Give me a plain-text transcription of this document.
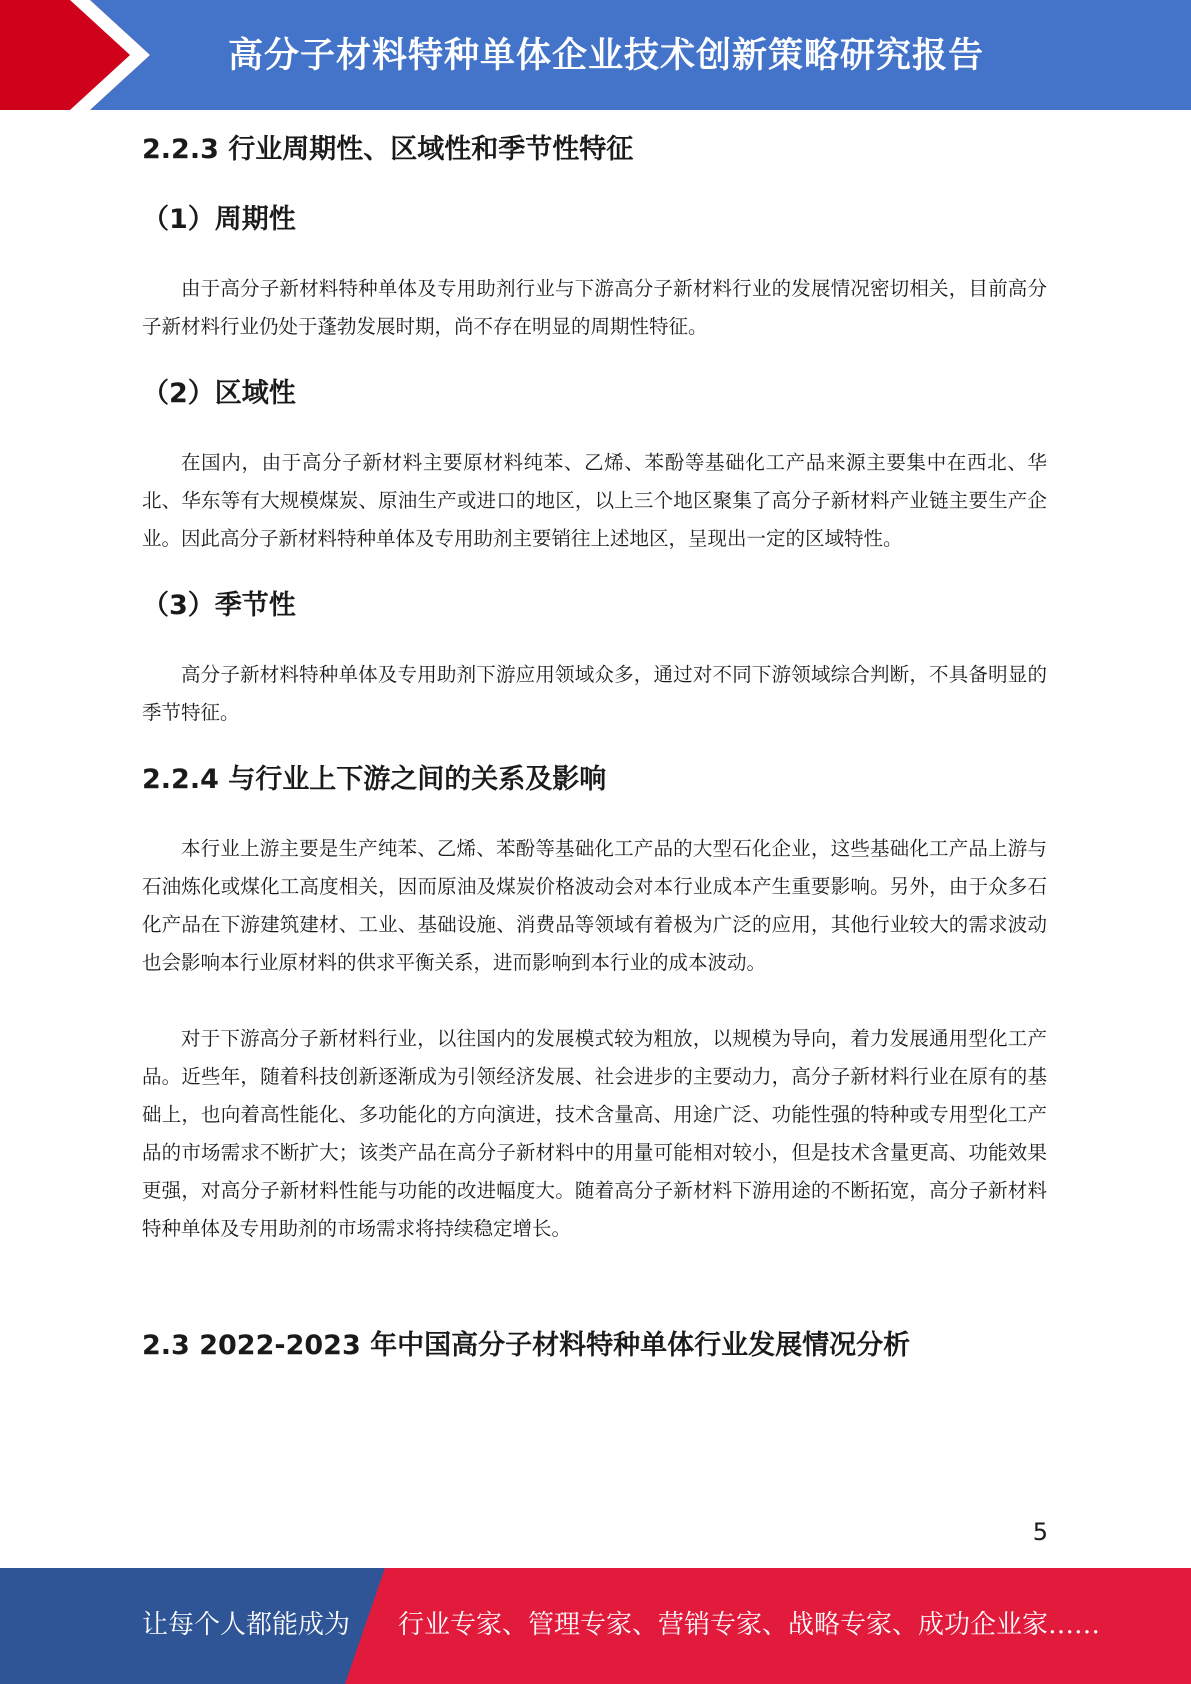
高分子材料特种单体企业技术创新策略研究报告
2.2.3 行业周期性、区域性和季节性特征
（1）周期性

由于高分子新材料特种单体及专用助剂行业与下游高分子新材料行业的发展情况密切相关，目前高分子新材料行业仍处于蓬勃发展时期，尚不存在明显的周期性特征。

（2）区域性

在国内，由于高分子新材料主要原材料纯苯、乙烯、苯酚等基础化工产品来源主要集中在西北、华北、华东等有大规模煤炭、原油生产或进口的地区，以上三个地区聚集了高分子新材料产业链主要生产企业。因此高分子新材料特种单体及专用助剂主要销往上述地区，呈现出一定的区域特性。

（3）季节性

高分子新材料特种单体及专用助剂下游应用领域众多，通过对不同下游领域综合判断，不具备明显的季节特征。

2.2.4 与行业上下游之间的关系及影响

本行业上游主要是生产纯苯、乙烯、苯酚等基础化工产品的大型石化企业，这些基础化工产品上游与石油炼化或煤化工高度相关，因而原油及煤炭价格波动会对本行业成本产生重要影响。另外，由于众多石化产品在下游建筑建材、工业、基础设施、消费品等领域有着极为广泛的应用，其他行业较大的需求波动也会影响本行业原材料的供求平衡关系，进而影响到本行业的成本波动。

对于下游高分子新材料行业，以往国内的发展模式较为粗放，以规模为导向，着力发展通用型化工产品。近些年，随着科技创新逐渐成为引领经济发展、社会进步的主要动力，高分子新材料行业在原有的基础上，也向着高性能化、多功能化的方向演进，技术含量高、用途广泛、功能性强的特种或专用型化工产品的市场需求不断扩大；该类产品在高分子新材料中的用量可能相对较小，但是技术含量更高、功能效果更强，对高分子新材料性能与功能的改进幅度大。随着高分子新材料下游用途的不断拓宽，高分子新材料特种单体及专用助剂的市场需求将持续稳定增长。

2.3 2022-2023 年中国高分子材料特种单体行业发展情况分析
5
让每个人都能成为 行业专家、管理专家、营销专家、战略专家、成功企业家……
